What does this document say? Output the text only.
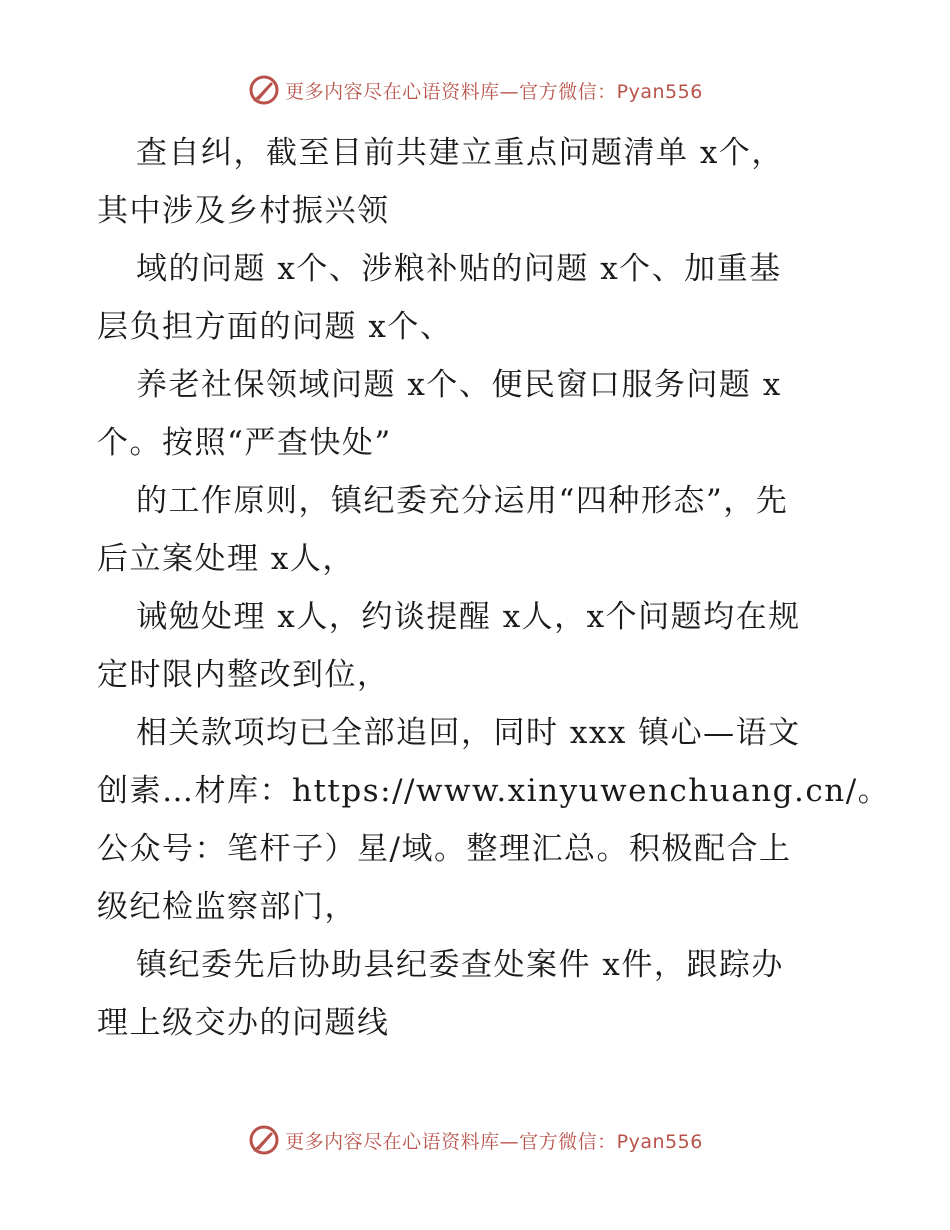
更多内容尽在心语资料库—官方微信：Pyan556

查自纠，截至目前共建立重点问题清单 x个，
其中涉及乡村振兴领

域的问题 x个、涉粮补贴的问题 x个、加重基
层负担方面的问题 x个、

养老社保领域问题 x个、便民窗口服务问题 x
个。按照“严查快处”

的工作原则，镇纪委充分运用“四种形态”，先
后立案处理 x人，

诫勉处理 x人，约谈提醒 x人，x个问题均在规
定时限内整改到位，

相关款项均已全部追回，同时 xxx 镇心—语文
创素…材库：https://www.xinyuwenchuang.cn/。
公众号：笔杆子）星/域。整理汇总。积极配合上
级纪检监察部门，

镇纪委先后协助县纪委查处案件 x件，跟踪办
理上级交办的问题线

更多内容尽在心语资料库—官方微信：Pyan556
